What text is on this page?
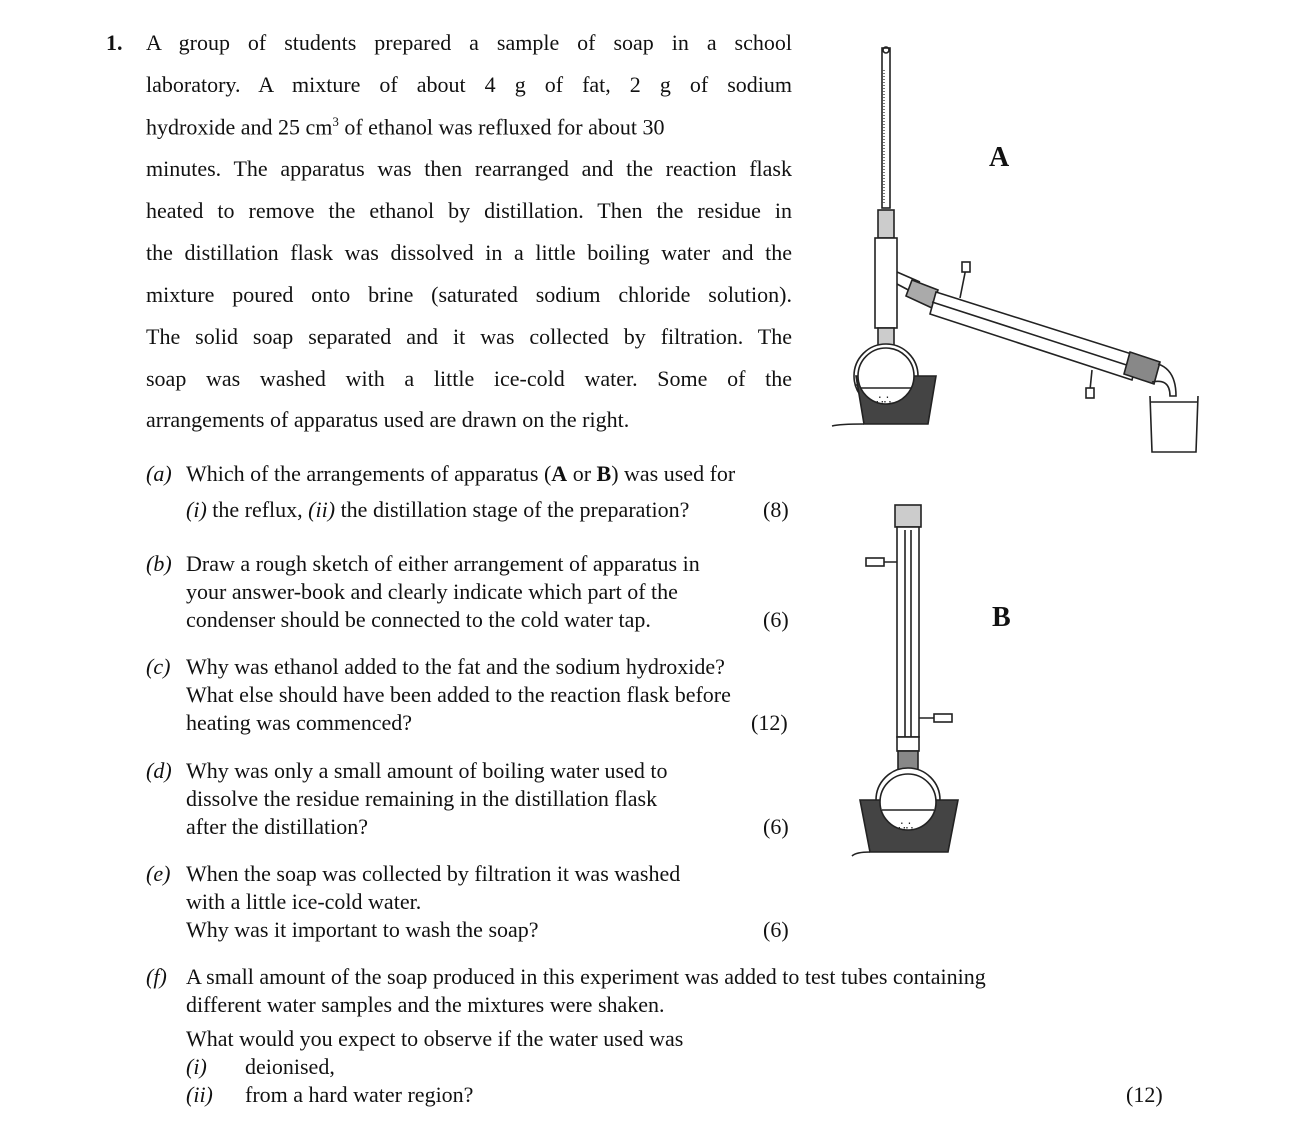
1. A group of students prepared a sample of soap in a school
laboratory. A mixture of about 4 g of fat, 2 g of sodium
hydroxide and 25 $cm^3$ of ethanol was refluxed for about 30
minutes. The apparatus was then rearranged and the reaction flask
heated to remove the ethanol by distillation. Then the residue in
the distillation flask was dissolved in a little boiling water and the
mixture poured onto brine (saturated sodium chloride solution).
The solid soap separated and it was collected by filtration. The
soap was washed with a little ice-cold water. Some of the
arrangements of apparatus used are drawn on the right.
(a) Which of the arrangements of apparatus (A or B) was used for
(i) the reflux, (ii) the distillation stage of the preparation?	(8)
(b) Draw a rough sketch of either arrangement of apparatus in
your answer-book and clearly indicate which part of the
condenser should be connected to the cold water tap.	(6)
(c) Why was ethanol added to the fat and the sodium hydroxide?
What else should have been added to the reaction flask before
heating was commenced?	(12)
(d) Why was only a small amount of boiling water used to
dissolve the residue remaining in the distillation flask
after the distillation?	(6)
(e) When the soap was collected by filtration it was washed
with a little ice-cold water.
Why was it important to wash the soap?	(6)
(f) A small amount of the soap produced in this experiment was added to test tubes containing
different water samples and the mixtures were shaken.
What would you expect to observe if the water used was
(i) deionised,
(ii) from a hard water region?	(12)
A
B
∴∴
∴∴
